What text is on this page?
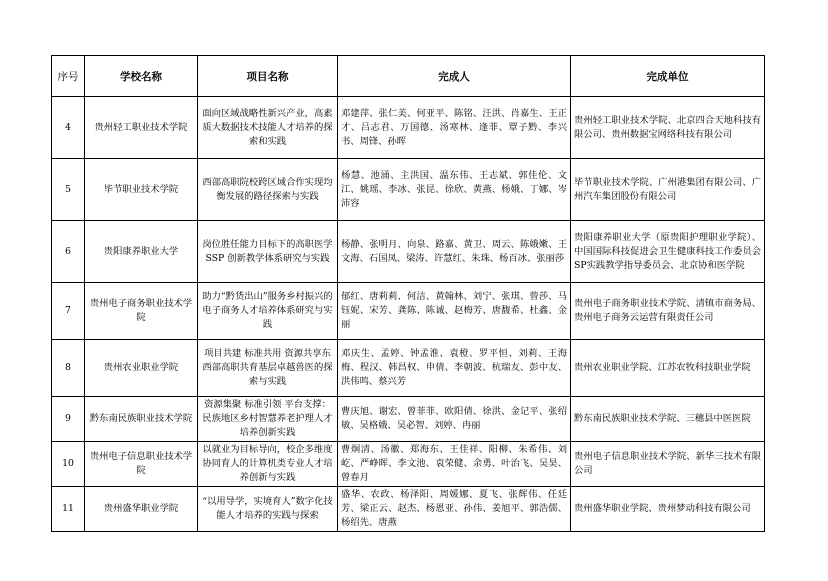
序号	学校名称	项目名称	完成人	完成单位
4	贵州轻工职业技术学院	面向区域战略性新兴产业，高素质大数据技术技能人才培养的探索和实践	邓建萍、张仁美、何亚平、陈铭、汪洪、肖嘉生、王正才、吕志君、万国德、汤寒林、逢菲、覃子黔、李兴书、周锋、孙晖	贵州轻工职业技术学院、北京四合天地科技有限公司、贵州数据宝网络科技有限公司
5	毕节职业技术学院	西部高职院校跨区域合作实现均衡发展的路径探索与实践	杨慧、池涌、主洪国、温东伟、王志斌、郭佳伦、文江、姚瑶、李冰、张昆、徐欣、黄燕、杨娥、丁娜、岑沛容	毕节职业技术学院、广州港集团有限公司、广州汽车集团股份有限公司
6	贵阳康养职业大学	岗位胜任能力目标下的高职医学SSP 创新教学体系研究与实践	杨静、张明月、向泉、路嘉、黄卫、周云、陈娥嫩、王文海、石国凤、梁涛、许慧红、朱珠、杨百冰、张丽莎	贵阳康养职业大学（原贵阳护理职业学院）、中国国际科技促进会卫生健康科技工作委员会SP实践教学指导委员会、北京协和医学院
7	贵州电子商务职业技术学院	助力“黔货出山”服务乡村振兴的电子商务人才培养体系研究与实践	郁红、唐莉莉、何洁、黄翰林、刘宁、张琪、曾莎、马钰妮、宋芳、龚陈、陈诚、赵梅芳、唐馥希、杜鑫、金丽	贵州电子商务职业技术学院、清镇市商务局、贵州电子商务云运营有限责任公司
8	贵州农业职业学院	项目共建 标准共用 资源共享东西部高职共育基层卓越兽医的探索与实践	邓庆生、孟婷、钟孟淮、袁橙、罗平恒、刘莉、王海梅、程汉、韩昌权、申倩、李朝波、杭瑞友、彭中友、洪伟鸣、蔡兴芳	贵州农业职业学院、江苏农牧科技职业学院
9	黔东南民族职业技术学院	资源集聚 标准引领 平台支撑：民族地区乡村智慧养老护理人才培养创新实践	曹庆旭、谢宏、曾菲菲、欧阳倩、徐洪、金记平、张绍敏、吴格娥、吴必智、刘婷、冉丽	黔东南民族职业技术学院、三穗县中医医院
10	贵州电子信息职业技术学院	以就业为目标导向，校企多维度协同育人的计算机类专业人才培养创新与实践	曹炯清、汤徽、郑海东、王佳祥、阳柳、朱希伟、刘屹、严峥晖、李文池、袁荣健、余勇、叶治飞、吴昊、曾春月	贵州电子信息职业技术学院、新华三技术有限公司
11	贵州盛华职业学院	“以用导学，实境育人”数字化技能人才培养的实践与探索	盛华、农政、杨泽阳、周媛娜、夏飞、张辉伟、任廷芳、梁正云、赵杰、杨恩亚、孙伟、姜旭平、郭浩儒、杨绍先、唐燕	贵州盛华职业学院、贵州梦动科技有限公司
